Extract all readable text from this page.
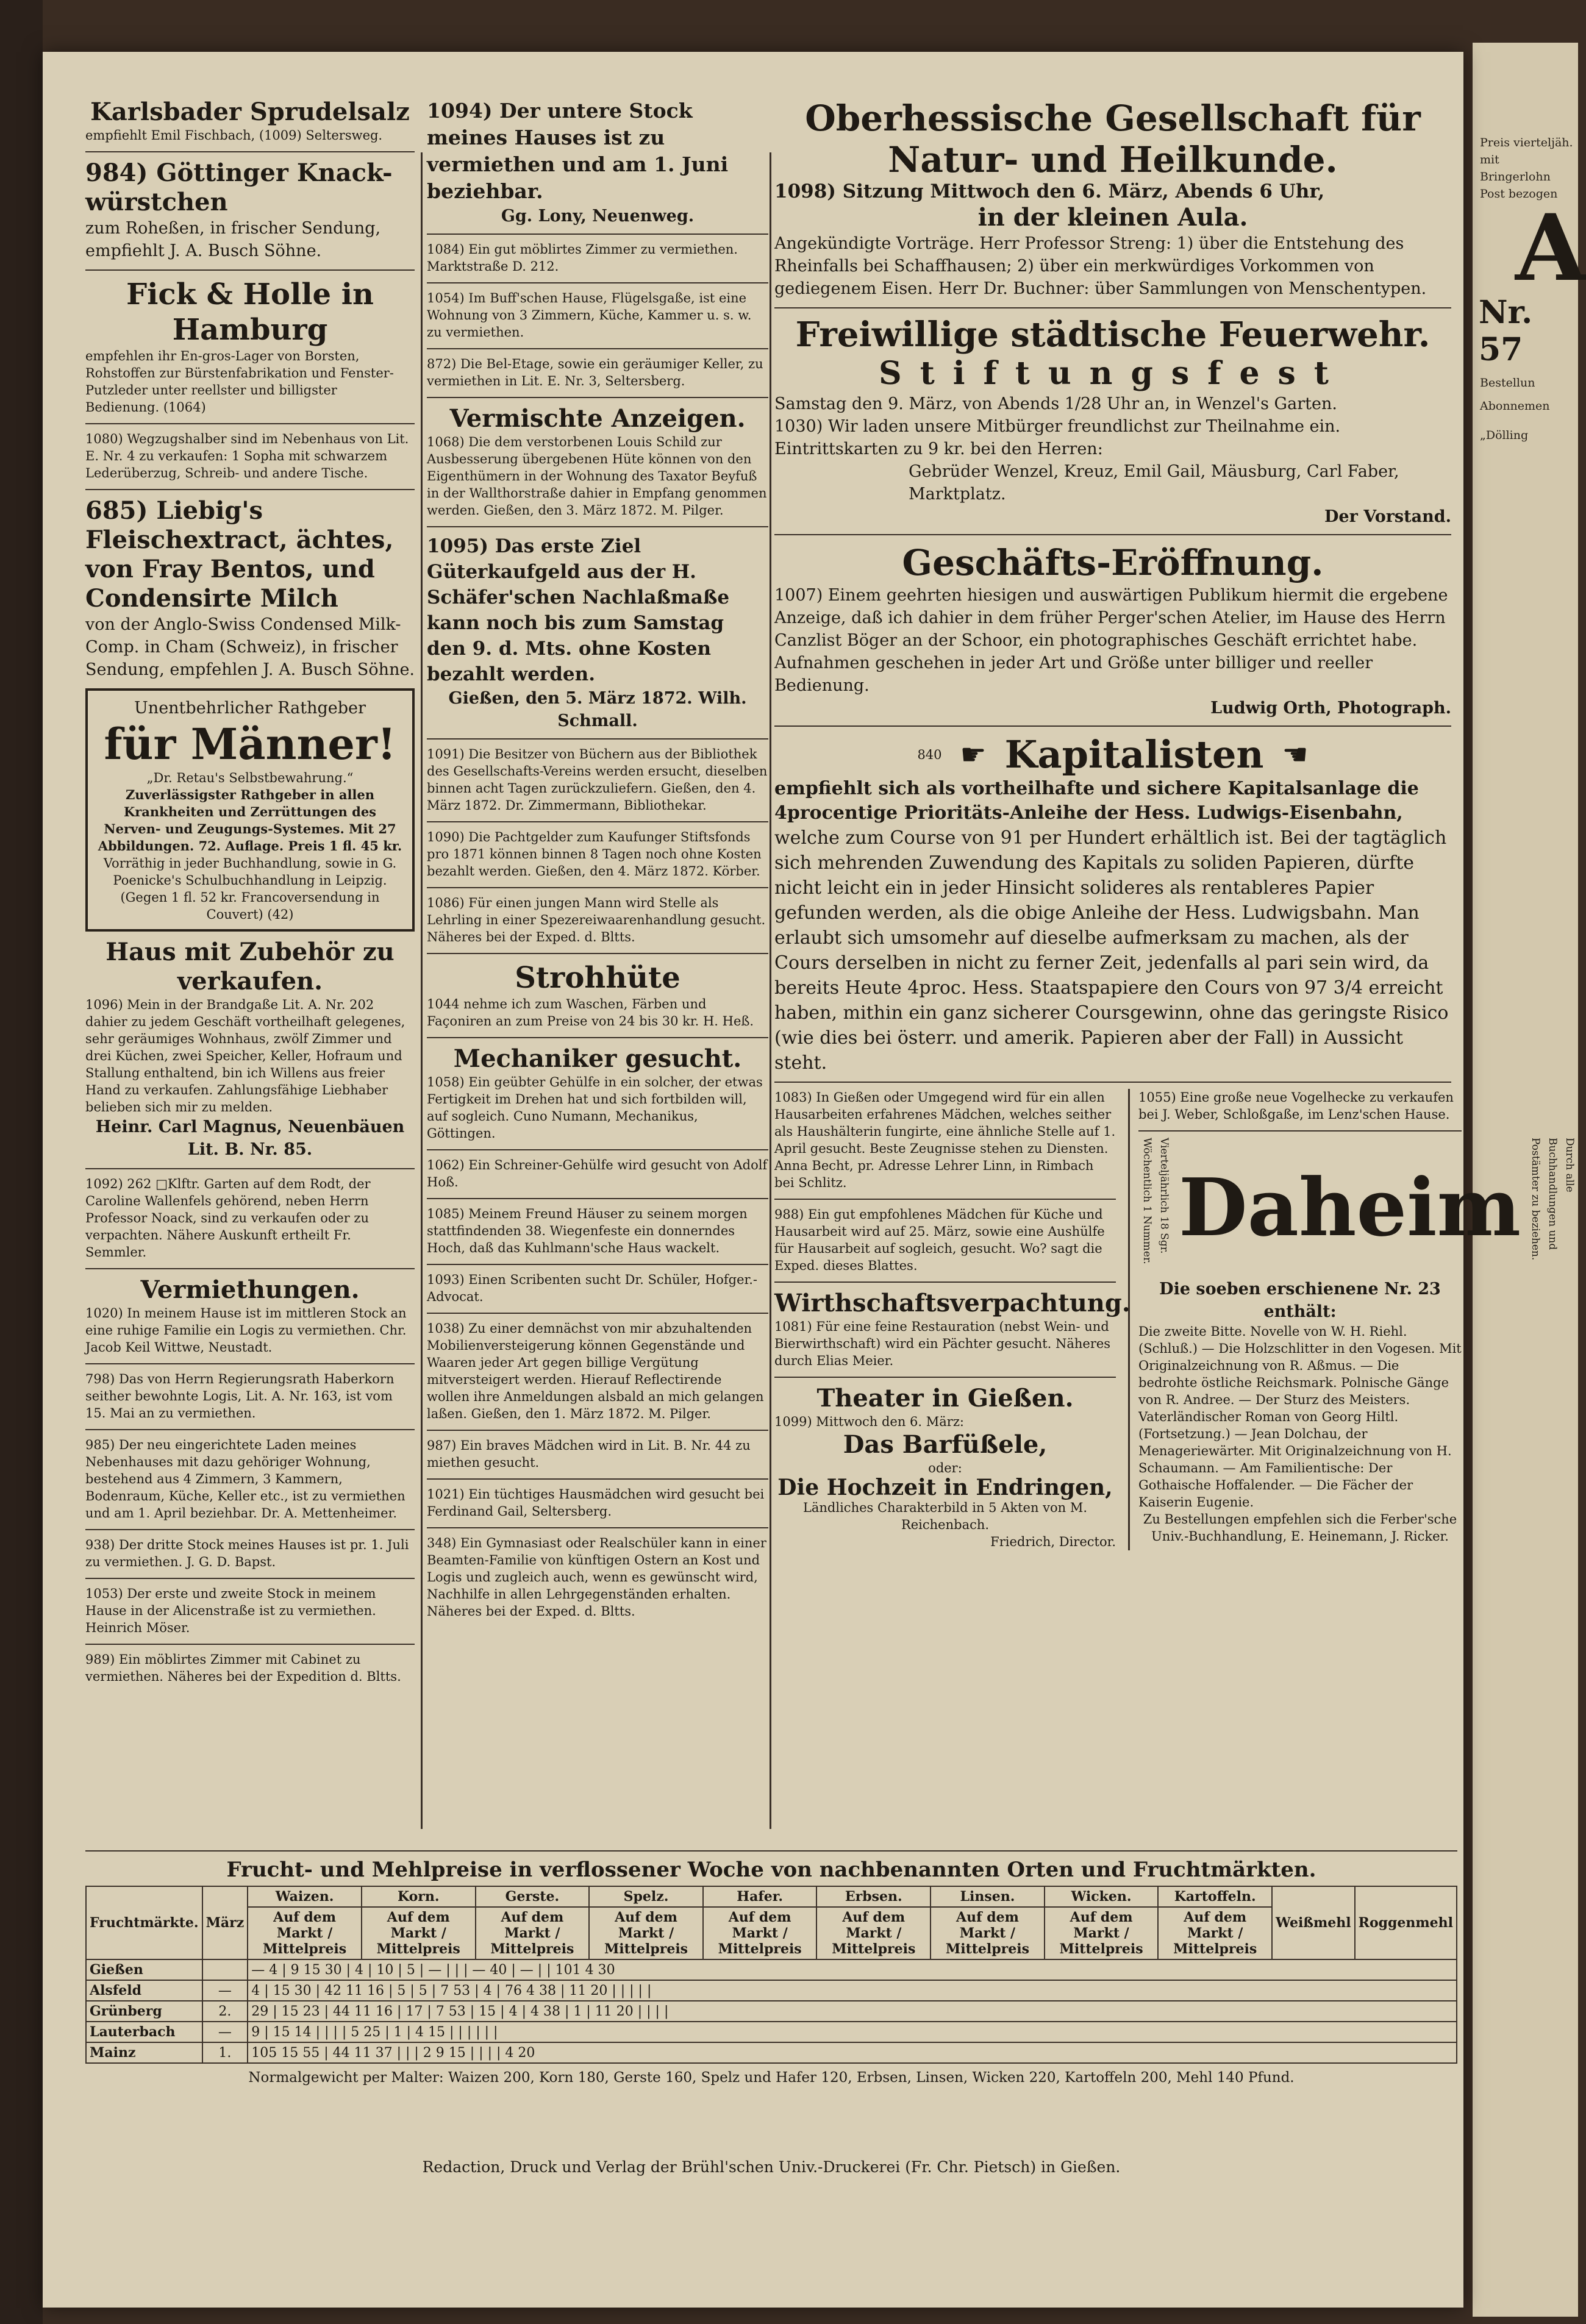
Preis vierteljäh. mit Bringerlohn Post bezogen
A
Nr. 57
Bestellun
Abonnemen
„Dölling

Karlsbader Sprudelsalz

empfiehlt Emil Fischbach, (1009) Seltersweg.

984) Göttinger Knack-würstchen

zum Roheßen, in frischer Sendung, empfiehlt J. A. Busch Söhne.

Fick & Holle in Hamburg

empfehlen ihr En-gros-Lager von Borsten, Rohstoffen zur Bürstenfabrikation und Fenster-Putzleder unter reellster und billigster Bedienung. (1064)

1080) Wegzugshalber sind im Nebenhaus von Lit. E. Nr. 4 zu verkaufen: 1 Sopha mit schwarzem Lederüberzug, Schreib- und andere Tische.

685) Liebig's Fleischextract, ächtes, von Fray Bentos, und Condensirte Milch

von der Anglo-Swiss Condensed Milk-Comp. in Cham (Schweiz), in frischer Sendung, empfehlen J. A. Busch Söhne.

Unentbehrlicher Rathgeber

für Männer!

„Dr. Retau's Selbstbewahrung.“

Zuverlässigster Rathgeber in allen Krankheiten und Zerrüttungen des Nerven- und Zeugungs-Systemes. Mit 27 Abbildungen. 72. Auflage. Preis 1 fl. 45 kr.

Vorräthig in jeder Buchhandlung, sowie in G. Poenicke's Schulbuchhandlung in Leipzig. (Gegen 1 fl. 52 kr. Francoversendung in Couvert) (42)

Haus mit Zubehör zu verkaufen.

1096) Mein in der Brandgaße Lit. A. Nr. 202 dahier zu jedem Geschäft vortheilhaft gelegenes, sehr geräumiges Wohnhaus, zwölf Zimmer und drei Küchen, zwei Speicher, Keller, Hofraum und Stallung enthaltend, bin ich Willens aus freier Hand zu verkaufen. Zahlungsfähige Liebhaber belieben sich mir zu melden.

Heinr. Carl Magnus, Neuenbäuen Lit. B. Nr. 85.

1092) 262 □Klftr. Garten auf dem Rodt, der Caroline Wallenfels gehörend, neben Herrn Professor Noack, sind zu verkaufen oder zu verpachten. Nähere Auskunft ertheilt Fr. Semmler.

Vermiethungen.

1020) In meinem Hause ist im mittleren Stock an eine ruhige Familie ein Logis zu vermiethen. Chr. Jacob Keil Wittwe, Neustadt.

798) Das von Herrn Regierungsrath Haberkorn seither bewohnte Logis, Lit. A. Nr. 163, ist vom 15. Mai an zu vermiethen.

985) Der neu eingerichtete Laden meines Nebenhauses mit dazu gehöriger Wohnung, bestehend aus 4 Zimmern, 3 Kammern, Bodenraum, Küche, Keller etc., ist zu vermiethen und am 1. April beziehbar. Dr. A. Mettenheimer.

938) Der dritte Stock meines Hauses ist pr. 1. Juli zu vermiethen. J. G. D. Bapst.

1053) Der erste und zweite Stock in meinem Hause in der Alicenstraße ist zu vermiethen. Heinrich Möser.

989) Ein möblirtes Zimmer mit Cabinet zu vermiethen. Näheres bei der Expedition d. Bltts.

1094) Der untere Stock meines Hauses ist zu vermiethen und am 1. Juni beziehbar.

Gg. Lony, Neuenweg.

1084) Ein gut möblirtes Zimmer zu vermiethen. Marktstraße D. 212.

1054) Im Buff'schen Hause, Flügelsgaße, ist eine Wohnung von 3 Zimmern, Küche, Kammer u. s. w. zu vermiethen.

872) Die Bel-Etage, sowie ein geräumiger Keller, zu vermiethen in Lit. E. Nr. 3, Seltersberg.

Vermischte Anzeigen.

1068) Die dem verstorbenen Louis Schild zur Ausbesserung übergebenen Hüte können von den Eigenthümern in der Wohnung des Taxator Beyfuß in der Wallthorstraße dahier in Empfang genommen werden. Gießen, den 3. März 1872. M. Pilger.

1095) Das erste Ziel Güterkaufgeld aus der H. Schäfer'schen Nachlaßmaße kann noch bis zum Samstag den 9. d. Mts. ohne Kosten bezahlt werden.

Gießen, den 5. März 1872. Wilh. Schmall.

1091) Die Besitzer von Büchern aus der Bibliothek des Gesellschafts-Vereins werden ersucht, dieselben binnen acht Tagen zurückzuliefern. Gießen, den 4. März 1872. Dr. Zimmermann, Bibliothekar.

1090) Die Pachtgelder zum Kaufunger Stiftsfonds pro 1871 können binnen 8 Tagen noch ohne Kosten bezahlt werden. Gießen, den 4. März 1872. Körber.

1086) Für einen jungen Mann wird Stelle als Lehrling in einer Spezereiwaarenhandlung gesucht. Näheres bei der Exped. d. Bltts.

Strohhüte

1044 nehme ich zum Waschen, Färben und Façoniren an zum Preise von 24 bis 30 kr. H. Heß.

Mechaniker gesucht.

1058) Ein geübter Gehülfe in ein solcher, der etwas Fertigkeit im Drehen hat und sich fortbilden will, auf sogleich. Cuno Numann, Mechanikus, Göttingen.

1062) Ein Schreiner-Gehülfe wird gesucht von Adolf Hoß.

1085) Meinem Freund Häuser zu seinem morgen stattfindenden 38. Wiegenfeste ein donnerndes Hoch, daß das Kuhlmann'sche Haus wackelt.

1093) Einen Scribenten sucht Dr. Schüler, Hofger.-Advocat.

1038) Zu einer demnächst von mir abzuhaltenden Mobilienversteigerung können Gegenstände und Waaren jeder Art gegen billige Vergütung mitversteigert werden. Hierauf Reflectirende wollen ihre Anmeldungen alsbald an mich gelangen laßen. Gießen, den 1. März 1872. M. Pilger.

987) Ein braves Mädchen wird in Lit. B. Nr. 44 zu miethen gesucht.

1021) Ein tüchtiges Hausmädchen wird gesucht bei Ferdinand Gail, Seltersberg.

348) Ein Gymnasiast oder Realschüler kann in einer Beamten-Familie von künftigen Ostern an Kost und Logis und zugleich auch, wenn es gewünscht wird, Nachhilfe in allen Lehrgegenständen erhalten. Näheres bei der Exped. d. Bltts.

Oberhessische Gesellschaft für Natur- und Heilkunde.

1098) Sitzung Mittwoch den 6. März, Abends 6 Uhr,

in der kleinen Aula.

Angekündigte Vorträge. Herr Professor Streng: 1) über die Entstehung des Rheinfalls bei Schaffhausen; 2) über ein merkwürdiges Vorkommen von gediegenem Eisen. Herr Dr. Buchner: über Sammlungen von Menschentypen.

Freiwillige städtische Feuerwehr.

Stiftungsfest

Samstag den 9. März, von Abends 1/28 Uhr an, in Wenzel's Garten.

1030) Wir laden unsere Mitbürger freundlichst zur Theilnahme ein. Eintrittskarten zu 9 kr. bei den Herren:

Gebrüder Wenzel, Kreuz, Emil Gail, Mäusburg, Carl Faber, Marktplatz.

Der Vorstand.

Geschäfts-Eröffnung.

1007) Einem geehrten hiesigen und auswärtigen Publikum hiermit die ergebene Anzeige, daß ich dahier in dem früher Perger'schen Atelier, im Hause des Herrn Canzlist Böger an der Schoor, ein photographisches Geschäft errichtet habe. Aufnahmen geschehen in jeder Art und Größe unter billiger und reeller Bedienung.

Ludwig Orth, Photograph.

840 ☛ Kapitalisten ☚

empfiehlt sich als vortheilhafte und sichere Kapitalsanlage die 4procentige Prioritäts-Anleihe der Hess. Ludwigs-Eisenbahn,

welche zum Course von 91 per Hundert erhältlich ist. Bei der tagtäglich sich mehrenden Zuwendung des Kapitals zu soliden Papieren, dürfte nicht leicht ein in jeder Hinsicht solideres als rentableres Papier gefunden werden, als die obige Anleihe der Hess. Ludwigsbahn. Man erlaubt sich umsomehr auf dieselbe aufmerksam zu machen, als der Cours derselben in nicht zu ferner Zeit, jedenfalls al pari sein wird, da bereits Heute 4proc. Hess. Staatspapiere den Cours von 97 3/4 erreicht haben, mithin ein ganz sicherer Coursgewinn, ohne das geringste Risico (wie dies bei österr. und amerik. Papieren aber der Fall) in Aussicht steht.

1083) In Gießen oder Umgegend wird für ein allen Hausarbeiten erfahrenes Mädchen, welches seither als Haushälterin fungirte, eine ähnliche Stelle auf 1. April gesucht. Beste Zeugnisse stehen zu Diensten. Anna Becht, pr. Adresse Lehrer Linn, in Rimbach bei Schlitz.

988) Ein gut empfohlenes Mädchen für Küche und Hausarbeit wird auf 25. März, sowie eine Aushülfe für Hausarbeit auf sogleich, gesucht. Wo? sagt die Exped. dieses Blattes.

Wirthschaftsverpachtung.

1081) Für eine feine Restauration (nebst Wein- und Bierwirthschaft) wird ein Pächter gesucht. Näheres durch Elias Meier.

Theater in Gießen.

1099) Mittwoch den 6. März:

Das Barfüßele,

oder:

Die Hochzeit in Endringen,

Ländliches Charakterbild in 5 Akten von M. Reichenbach.

Friedrich, Director.

1055) Eine große neue Vogelhecke zu verkaufen bei J. Weber, Schloßgaße, im Lenz'schen Hause.

Vierteljährlich 18 Sgr. Wöchentlich 1 Nummer. Daheim	Durch alle Buchhandlungen und Postämter zu beziehen.

Die soeben erschienene Nr. 23 enthält:

Die zweite Bitte. Novelle von W. H. Riehl. (Schluß.) — Die Holzschlitter in den Vogesen. Mit Originalzeichnung von R. Aßmus. — Die bedrohte östliche Reichsmark. Polnische Gänge von R. Andree. — Der Sturz des Meisters. Vaterländischer Roman von Georg Hiltl. (Fortsetzung.) — Jean Dolchau, der Menageriewärter. Mit Originalzeichnung von H. Schaumann. — Am Familientische: Der Gothaische Hoffalender. — Die Fächer der Kaiserin Eugenie.

Zu Bestellungen empfehlen sich die Ferber'sche Univ.-Buchhandlung, E. Heinemann, J. Ricker.

Frucht- und Mehlpreise in verflossener Woche von nachbenannten Orten und Fruchtmärkten.
Fruchtmärkte.	März	Waizen.	Korn.	Gerste.	Spelz.	Hafer.	Erbsen.	Linsen.	Wicken.	Kartoffeln.	Weißmehl	Roggenmehl
		Auf dem Markt / Mittelpreis	Auf dem Markt / Mittelpreis	Auf dem Markt / Mittelpreis	Auf dem Markt / Mittelpreis	Auf dem Markt / Mittelpreis	Auf dem Markt / Mittelpreis	Auf dem Markt / Mittelpreis	Auf dem Markt / Mittelpreis	Auf dem Markt / Mittelpreis		
Gießen		— 4 | 9 15 30 | 4 | 10 | 5 | — | | | — 40 | — | | 101 4 30										
Alsfeld	—	4 | 15 30 | 42 11 16 | 5 | 5 | 7 53 | 4 | 76 4 38 | 11 20 | | | | |										
Grünberg	2.	29 | 15 23 | 44 11 16 | 17 | 7 53 | 15 | 4 | 4 38 | 1 | 11 20 | | | |										
Lauterbach	—	9 | 15 14 | | | | 5 25 | 1 | 4 15 | | | | | |										
Mainz	1.	105 15 55 | 44 11 37 | | | 2 9 15 | | | | 4 20										
Normalgewicht per Malter: Waizen 200, Korn 180, Gerste 160, Spelz und Hafer 120, Erbsen, Linsen, Wicken 220, Kartoffeln 200, Mehl 140 Pfund.
Redaction, Druck und Verlag der Brühl'schen Univ.-Druckerei (Fr. Chr. Pietsch) in Gießen.
